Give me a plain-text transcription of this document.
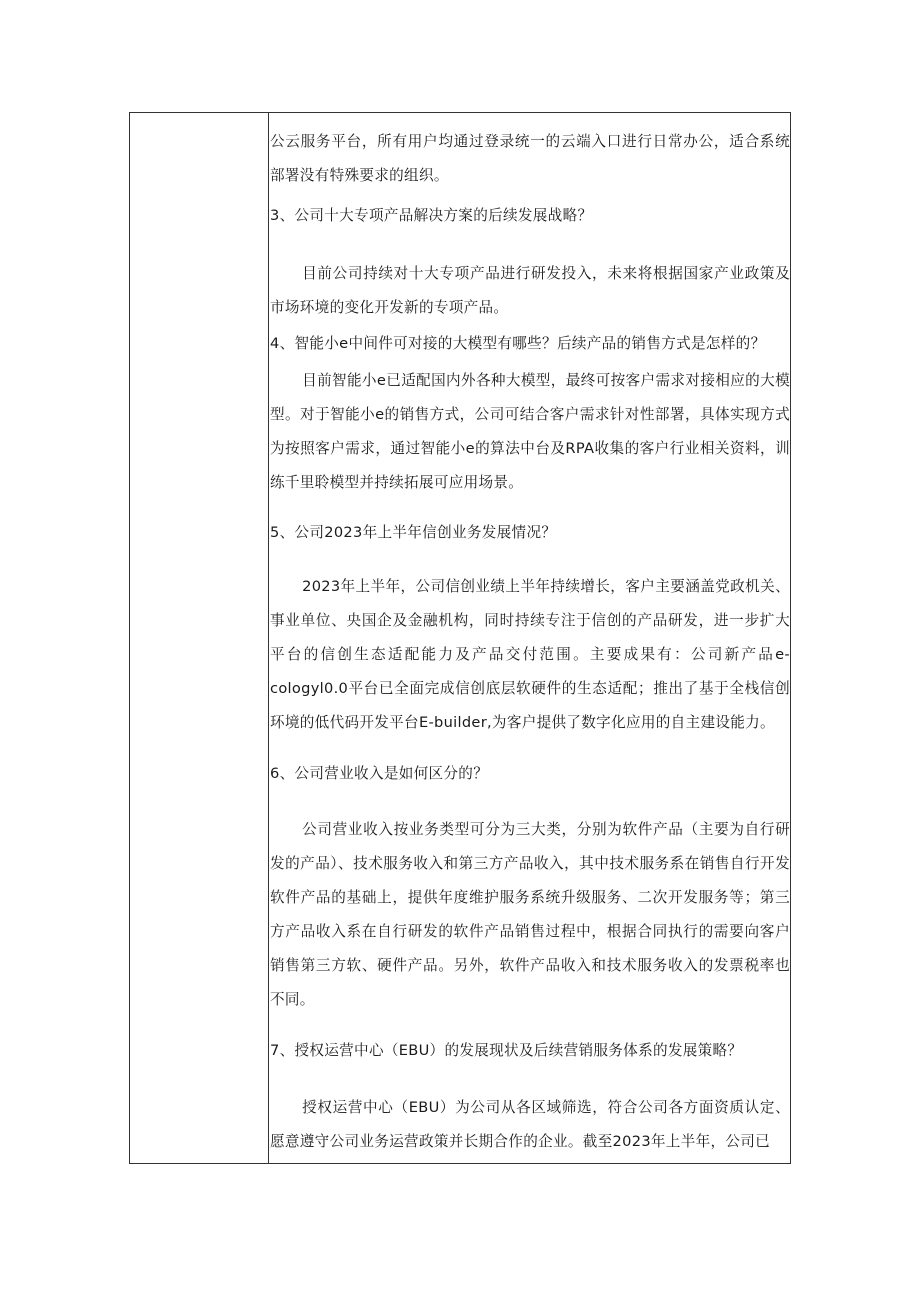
公云服务平台，所有用户均通过登录统一的云端入口进行日常办公，适合系统部署没有特殊要求的组织。

3、公司十大专项产品解决方案的后续发展战略？

目前公司持续对十大专项产品进行研发投入，未来将根据国家产业政策及市场环境的变化开发新的专项产品。

4、智能小e中间件可对接的大模型有哪些？后续产品的销售方式是怎样的？

目前智能小e已适配国内外各种大模型，最终可按客户需求对接相应的大模型。对于智能小e的销售方式，公司可结合客户需求针对性部署，具体实现方式为按照客户需求，通过智能小e的算法中台及RPA收集的客户行业相关资料，训练千里聆模型并持续拓展可应用场景。

5、公司2023年上半年信创业务发展情况？

2023年上半年，公司信创业绩上半年持续增长，客户主要涵盖党政机关、事业单位、央国企及金融机构，同时持续专注于信创的产品研发，进一步扩大平台的信创生态适配能力及产品交付范围。主要成果有：公司新产品e-cologyl0.0平台已全面完成信创底层软硬件的生态适配；推出了基于全栈信创环境的低代码开发平台E-builder,为客户提供了数字化应用的自主建设能力。

6、公司营业收入是如何区分的？

公司营业收入按业务类型可分为三大类，分别为软件产品（主要为自行研发的产品）、技术服务收入和第三方产品收入，其中技术服务系在销售自行开发软件产品的基础上，提供年度维护服务系统升级服务、二次开发服务等；第三方产品收入系在自行研发的软件产品销售过程中，根据合同执行的需要向客户销售第三方软、硬件产品。另外，软件产品收入和技术服务收入的发票税率也不同。

7、授权运营中心（EBU）的发展现状及后续营销服务体系的发展策略？

授权运营中心（EBU）为公司从各区域筛选，符合公司各方面资质认定、愿意遵守公司业务运营政策并长期合作的企业。截至2023年上半年，公司已
